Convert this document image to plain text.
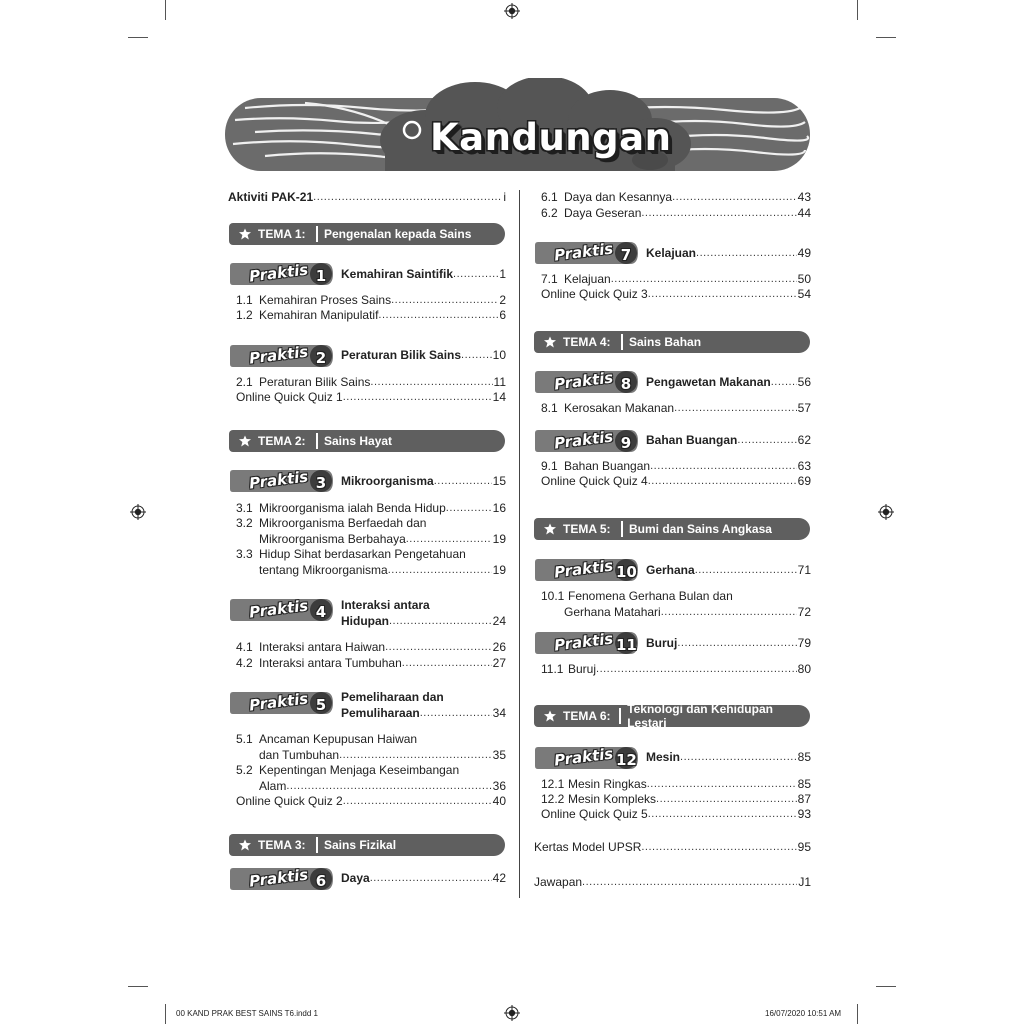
Kandungan
Aktiviti PAK-21 .....	i
TEMA 1:	Pengenalan kepada Sains
Praktis 1	Kemahiran Saintifik .....	1
1.1 Kemahiran Proses Sains .....	2
1.2 Kemahiran Manipulatif .....	6
Praktis 2	Peraturan Bilik Sains .....	10
2.1 Peraturan Bilik Sains .....	11
Online Quick Quiz 1 .....	14
TEMA 2:	Sains Hayat
Praktis 3	Mikroorganisma .....	15
3.1 Mikroorganisma ialah Benda Hidup .....	16
3.2 Mikroorganisma Berfaedah dan
Mikroorganisma Berbahaya .....	19
3.3 Hidup Sihat berdasarkan Pengetahuan
tentang Mikroorganisma .....	19
Praktis 4	Interaksi antara
Hidupan .....	24
4.1 Interaksi antara Haiwan .....	26
4.2 Interaksi antara Tumbuhan .....	27
Praktis 5	Pemeliharaan dan
Pemuliharaan .....	34
5.1 Ancaman Kepupusan Haiwan
dan Tumbuhan .....	35
5.2 Kepentingan Menjaga Keseimbangan
Alam .....	36
Online Quick Quiz 2 .....	40
TEMA 3:	Sains Fizikal
Praktis 6	Daya .....	42
6.1 Daya dan Kesannya .....	43
6.2 Daya Geseran .....	44
Praktis 7	Kelajuan .....	49
7.1 Kelajuan .....	50
Online Quick Quiz 3 .....	54
TEMA 4:	Sains Bahan
Praktis 8	Pengawetan Makanan ..... 56
8.1 Kerosakan Makanan .....	57
Praktis 9	Bahan Buangan .....	62
9.1 Bahan Buangan .....	63
Online Quick Quiz 4 .....	69
TEMA 5:	Bumi dan Sains Angkasa
Praktis 10 Gerhana .....	71
10.1 Fenomena Gerhana Bulan dan
Gerhana Matahari .....	72
Praktis 11 Buruj .....	79
11.1 Buruj .....	80
TEMA 6:	Teknologi dan Kehidupan Lestari
Praktis 12 Mesin .....	85
12.1 Mesin Ringkas .....	85
12.2 Mesin Kompleks .....	87
Online Quick Quiz 5 .....	93
Kertas Model UPSR .....	95
Jawapan .....	J1
00 KAND PRAK BEST SAINS T6.indd 1	16/07/2020 10:51 AM
